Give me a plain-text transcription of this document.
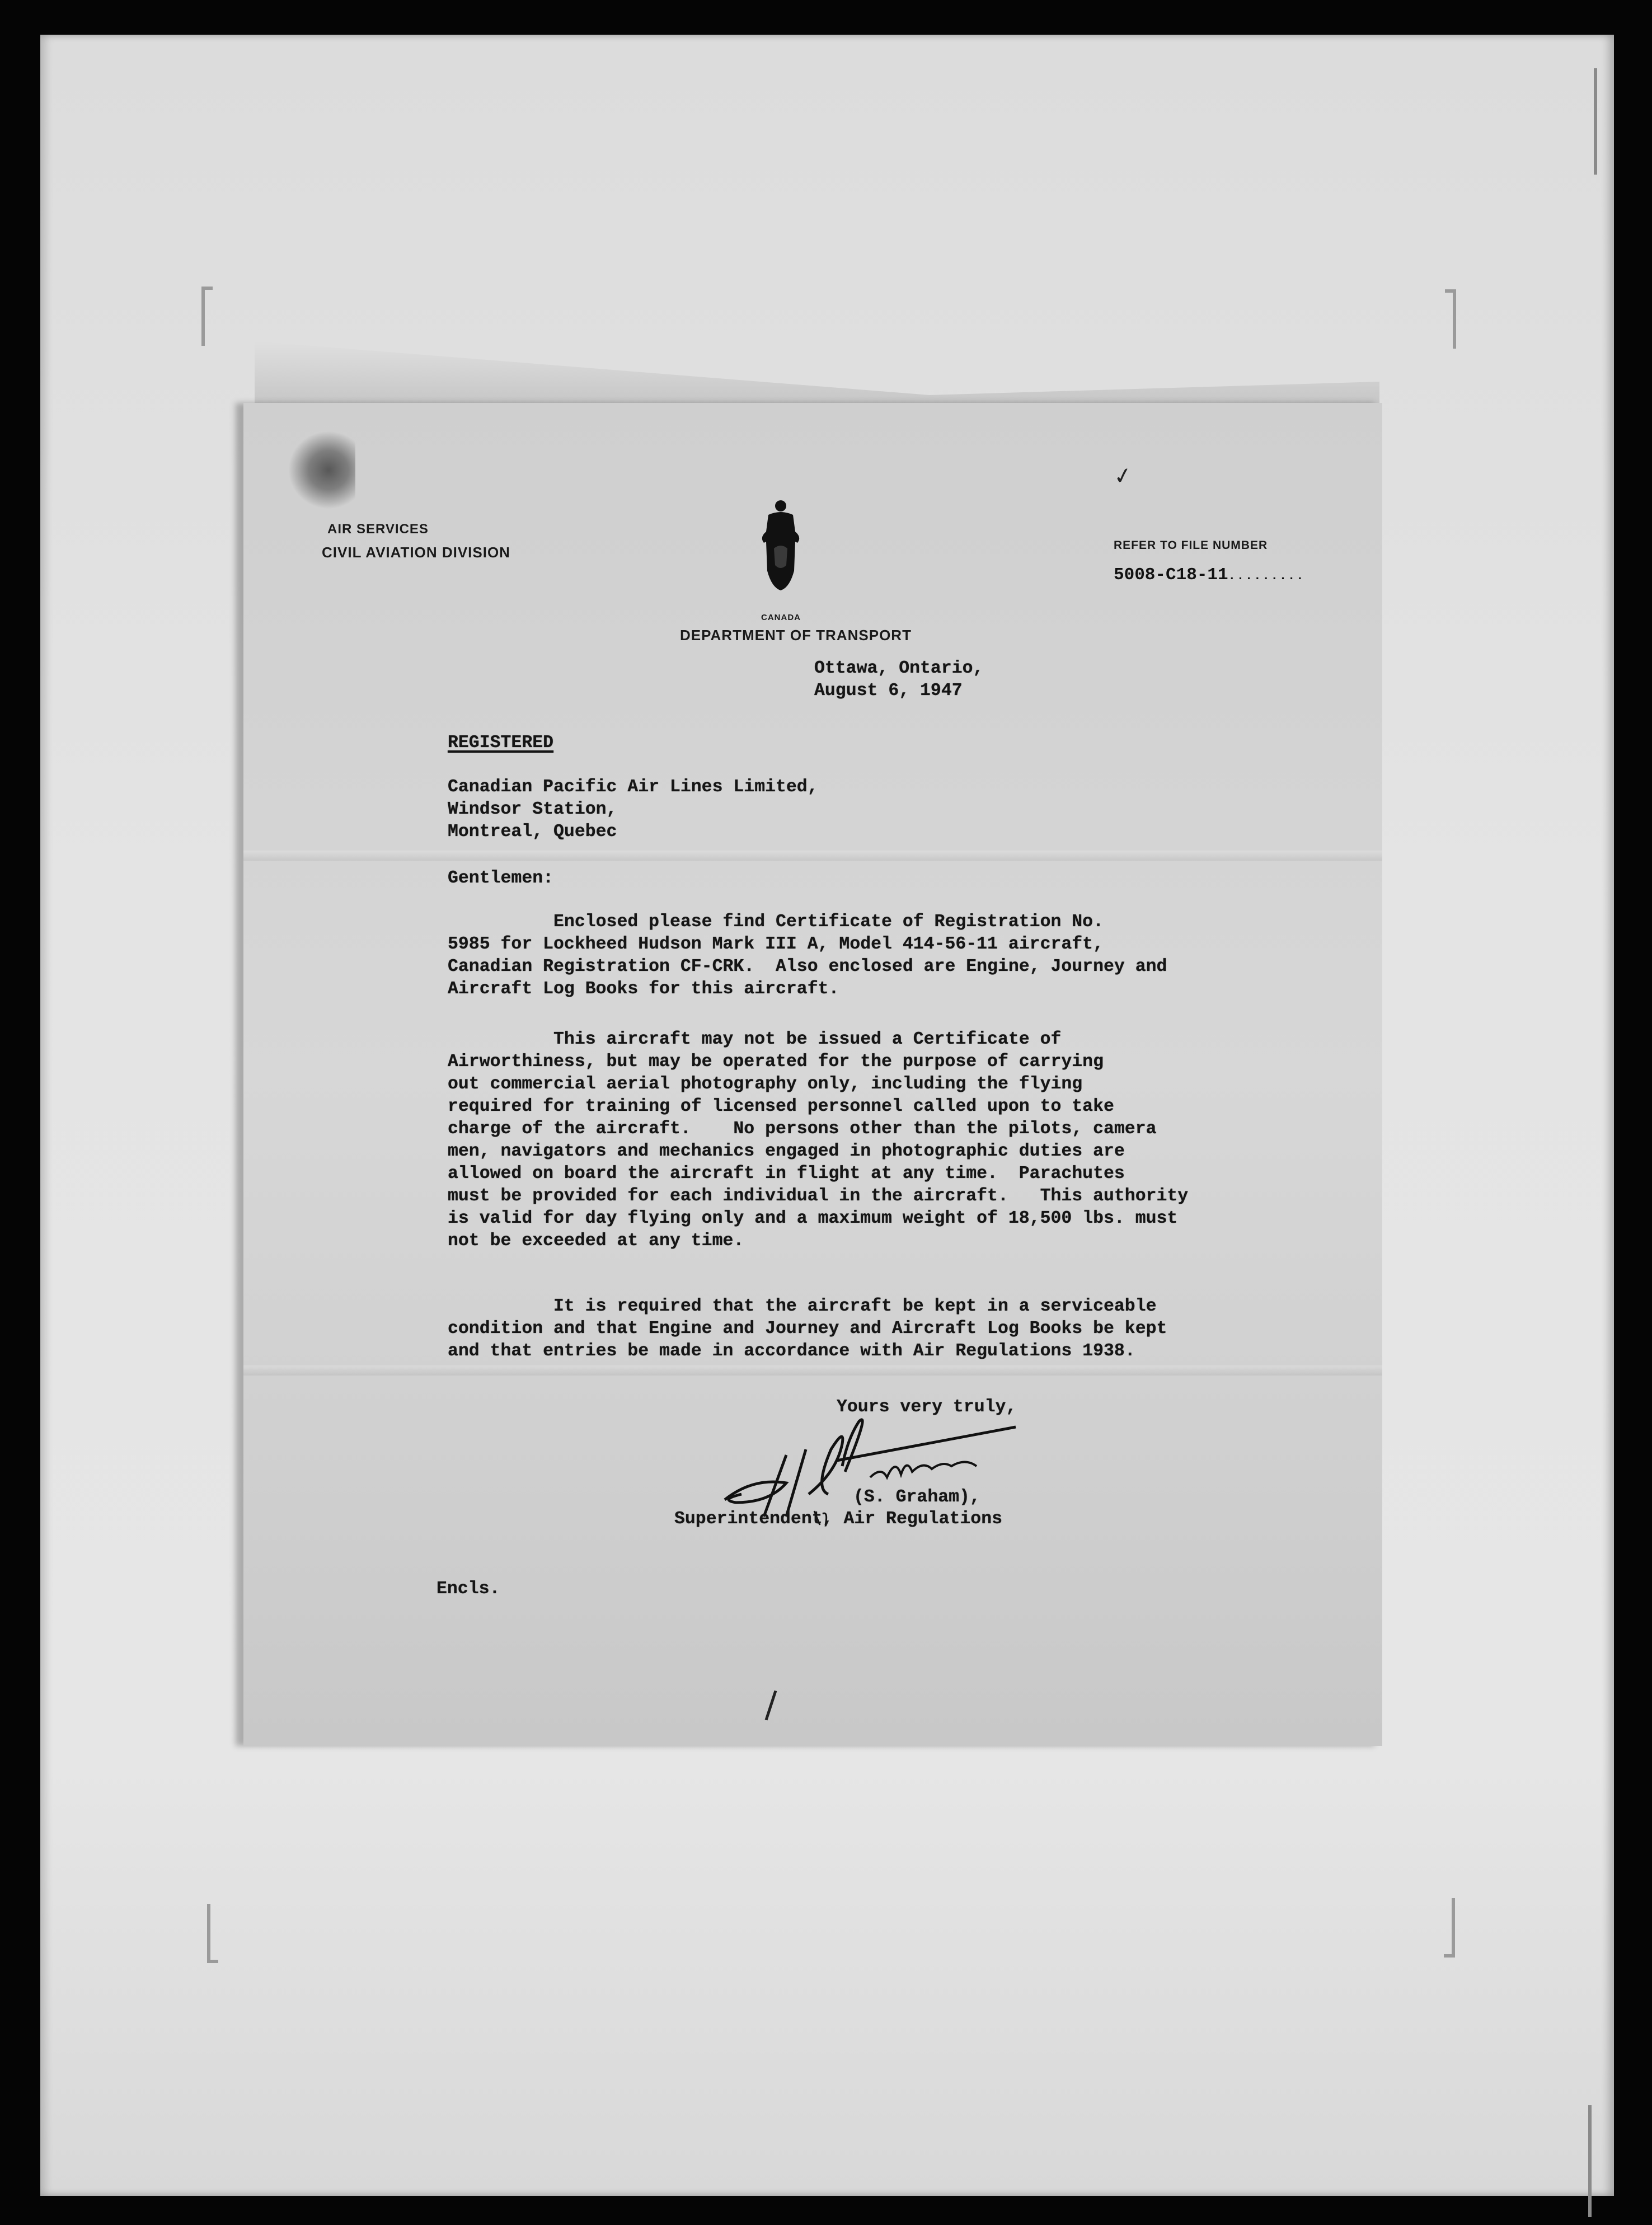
✓
AIR SERVICES
CIVIL AVIATION DIVISION
CANADA
DEPARTMENT OF TRANSPORT
REFER TO FILE NUMBER
5008-C18-11.........
Ottawa, Ontario,
August 6, 1947
REGISTERED
Canadian Pacific Air Lines Limited,
Windsor Station,
Montreal, Quebec
Gentlemen:
Enclosed please find Certificate of Registration No.
5985 for Lockheed Hudson Mark III A, Model 414-56-11 aircraft,
Canadian Registration CF-CRK.  Also enclosed are Engine, Journey and
Aircraft Log Books for this aircraft.
This aircraft may not be issued a Certificate of
Airworthiness, but may be operated for the purpose of carrying
out commercial aerial photography only, including the flying
required for training of licensed personnel called upon to take
charge of the aircraft.    No persons other than the pilots, camera
men, navigators and mechanics engaged in photographic duties are
allowed on board the aircraft in flight at any time.  Parachutes
must be provided for each individual in the aircraft.   This authority
is valid for day flying only and a maximum weight of 18,500 lbs. must
not be exceeded at any time.
It is required that the aircraft be kept in a serviceable
condition and that Engine and Journey and Aircraft Log Books be kept
and that entries be made in accordance with Air Regulations 1938.
Yours very truly,
(S. Graham),
Superintendent, Air Regulations
Encls.
